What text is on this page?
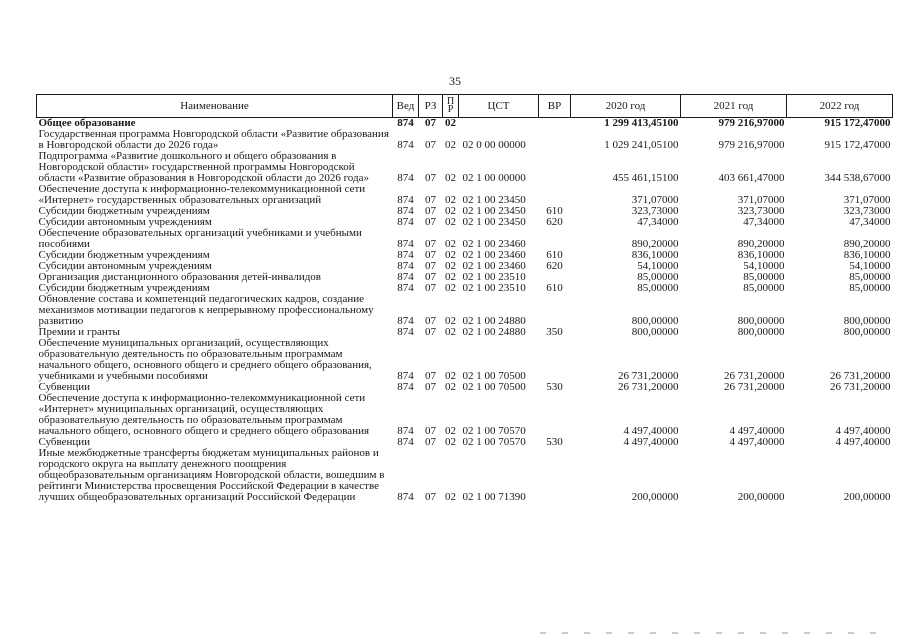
35
Наименование	Вед	РЗ	ПР	ЦСТ	ВР	2020 год	2021 год	2022 год
Общее образование	874	07	02			1 299 413,45100	979 216,97000	915 172,47000
Государственная программа Новгородской области «Развитие образования в Новгородской области до 2026 года»	874	07	02	02 0 00 00000		1 029 241,05100	979 216,97000	915 172,47000
Подпрограмма «Развитие дошкольного и общего образования в Новгородской области» государственной программы Новгородской области «Развитие образования в Новгородской области до 2026 года»	874	07	02	02 1 00 00000		455 461,15100	403 661,47000	344 538,67000
Обеспечение доступа к информационно-телекоммуникационной сети «Интернет» государственных образовательных организаций	874	07	02	02 1 00 23450		371,07000	371,07000	371,07000
Субсидии бюджетным учреждениям	874	07	02	02 1 00 23450	610	323,73000	323,73000	323,73000
Субсидии автономным учреждениям	874	07	02	02 1 00 23450	620	47,34000	47,34000	47,34000
Обеспечение образовательных организаций учебниками и учебными пособиями	874	07	02	02 1 00 23460		890,20000	890,20000	890,20000
Субсидии бюджетным учреждениям	874	07	02	02 1 00 23460	610	836,10000	836,10000	836,10000
Субсидии автономным учреждениям	874	07	02	02 1 00 23460	620	54,10000	54,10000	54,10000
Организация дистанционного образования детей-инвалидов	874	07	02	02 1 00 23510		85,00000	85,00000	85,00000
Субсидии бюджетным учреждениям	874	07	02	02 1 00 23510	610	85,00000	85,00000	85,00000
Обновление состава и компетенций педагогических кадров, создание механизмов мотивации педагогов к непрерывному профессиональному развитию	874	07	02	02 1 00 24880		800,00000	800,00000	800,00000
Премии и гранты	874	07	02	02 1 00 24880	350	800,00000	800,00000	800,00000
Обеспечение муниципальных организаций, осуществляющих образовательную деятельность по образовательным программам начального общего, основного общего и среднего общего образования, учебниками и учебными пособиями	874	07	02	02 1 00 70500		26 731,20000	26 731,20000	26 731,20000
Субвенции	874	07	02	02 1 00 70500	530	26 731,20000	26 731,20000	26 731,20000
Обеспечение доступа к информационно-телекоммуникационной сети «Интернет» муниципальных организаций, осуществляющих образовательную деятельность по образовательным программам начального общего, основного общего и среднего общего образования	874	07	02	02 1 00 70570		4 497,40000	4 497,40000	4 497,40000
Субвенции	874	07	02	02 1 00 70570	530	4 497,40000	4 497,40000	4 497,40000
Иные межбюджетные трансферты бюджетам муниципальных районов и городского округа на выплату денежного поощрения общеобразовательным организациям Новгородской области, вошедшим в рейтинги Министерства просвещения Российской Федерации в качестве лучших общеобразовательных организаций Российской Федерации	874	07	02	02 1 00 71390		200,00000	200,00000	200,00000
